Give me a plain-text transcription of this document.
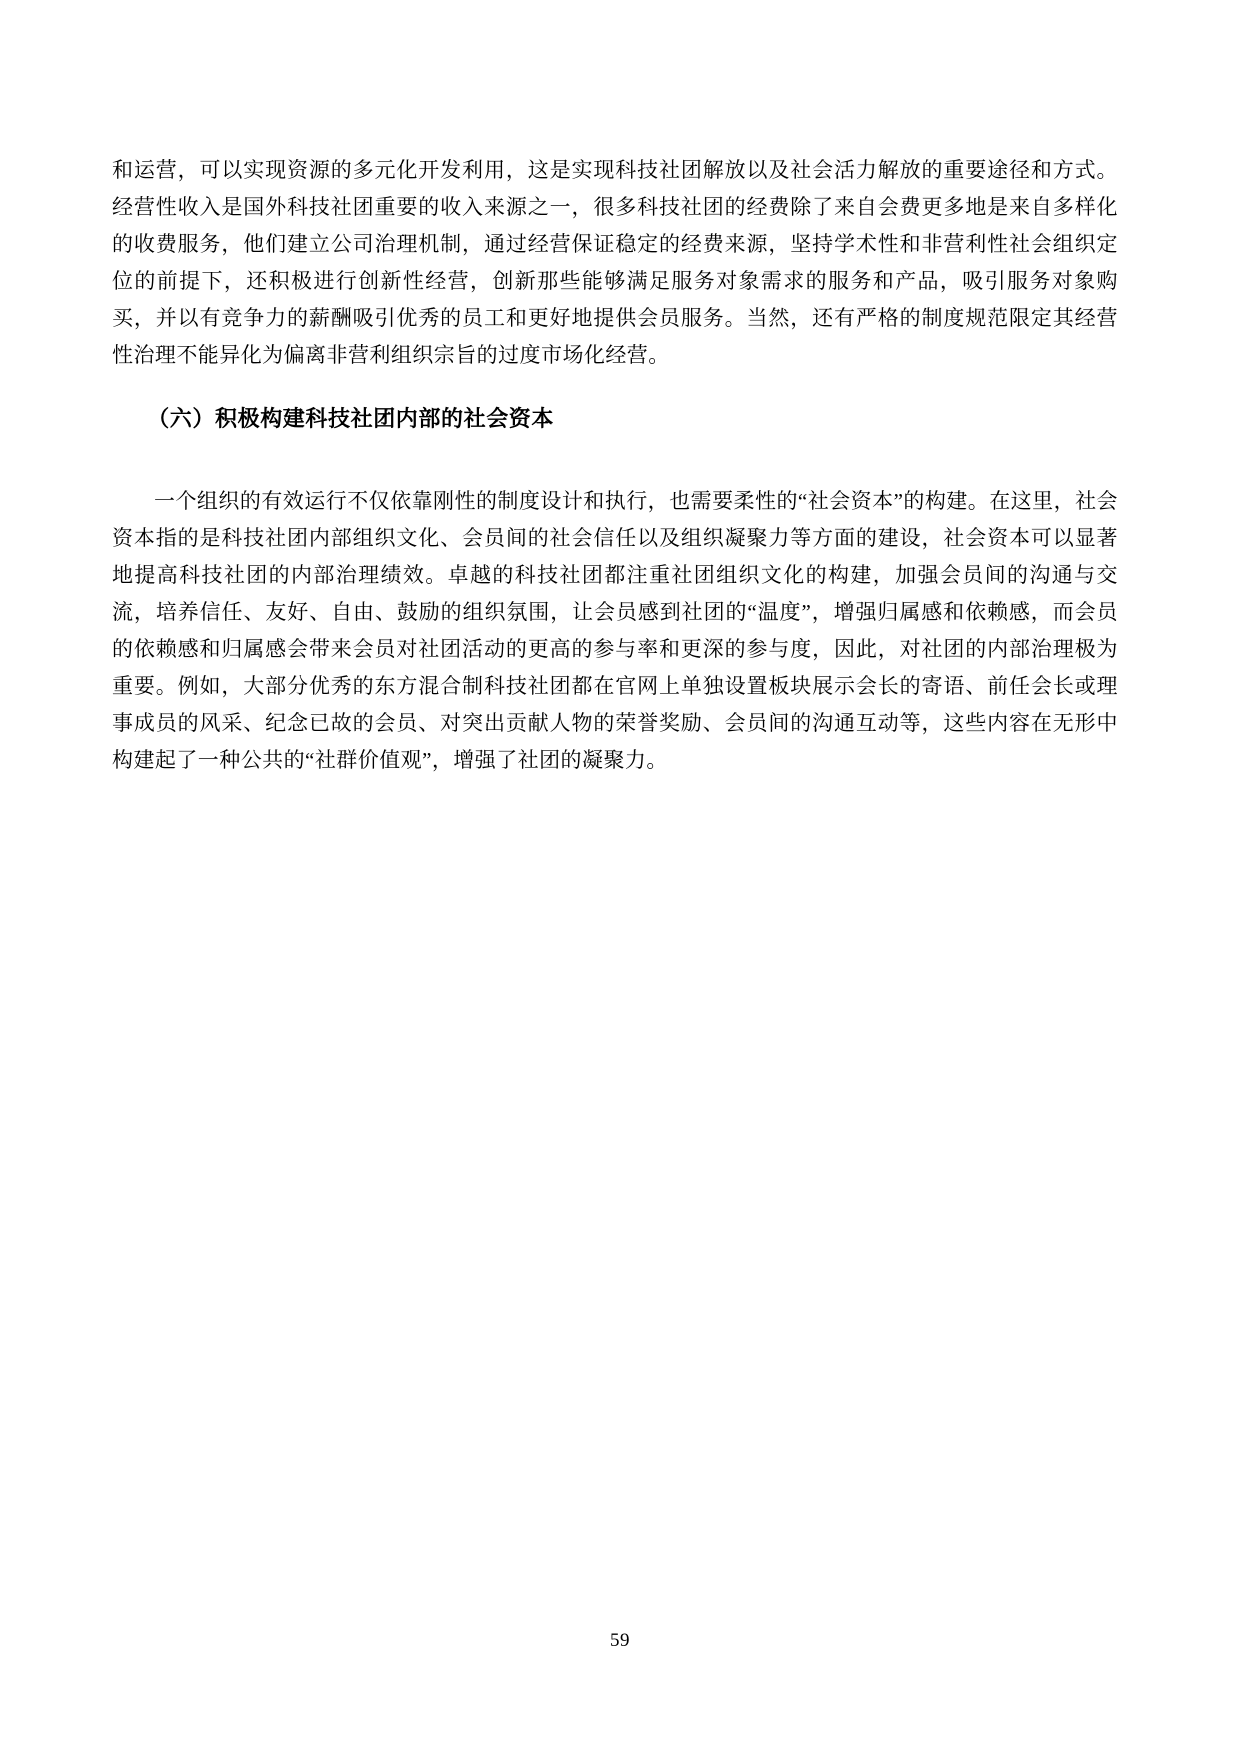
和运营，可以实现资源的多元化开发利用，这是实现科技社团解放以及社会活力解放的重要途径和方式。经营性收入是国外科技社团重要的收入来源之一，很多科技社团的经费除了来自会费更多地是来自多样化的收费服务，他们建立公司治理机制，通过经营保证稳定的经费来源，坚持学术性和非营利性社会组织定位的前提下，还积极进行创新性经营，创新那些能够满足服务对象需求的服务和产品，吸引服务对象购买，并以有竞争力的薪酬吸引优秀的员工和更好地提供会员服务。当然，还有严格的制度规范限定其经营性治理不能异化为偏离非营利组织宗旨的过度市场化经营。

（六）积极构建科技社团内部的社会资本

一个组织的有效运行不仅依靠刚性的制度设计和执行，也需要柔性的“社会资本”的构建。在这里，社会资本指的是科技社团内部组织文化、会员间的社会信任以及组织凝聚力等方面的建设，社会资本可以显著地提高科技社团的内部治理绩效。卓越的科技社团都注重社团组织文化的构建，加强会员间的沟通与交流，培养信任、友好、自由、鼓励的组织氛围，让会员感到社团的“温度”，增强归属感和依赖感，而会员的依赖感和归属感会带来会员对社团活动的更高的参与率和更深的参与度，因此，对社团的内部治理极为重要。例如，大部分优秀的东方混合制科技社团都在官网上单独设置板块展示会长的寄语、前任会长或理事成员的风采、纪念已故的会员、对突出贡献人物的荣誉奖励、会员间的沟通互动等，这些内容在无形中构建起了一种公共的“社群价值观”，增强了社团的凝聚力。

59
